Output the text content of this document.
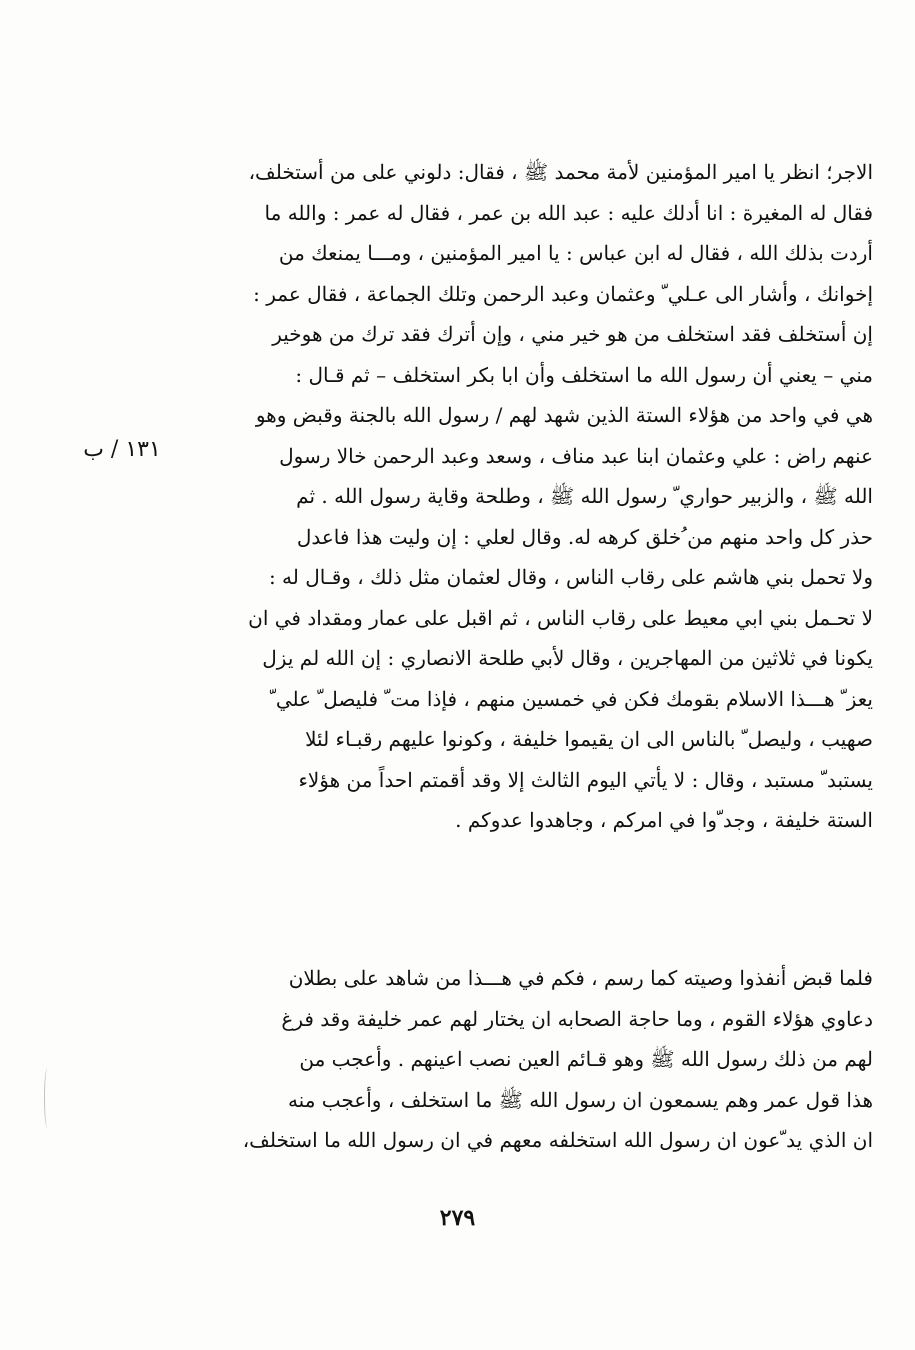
الاجر؛ انظر يا امير المؤمنين لأمة محمد ﷺ ، فقال: دلوني على من أستخلف،
فقال له المغيرة : انا أدلك عليه : عبد الله بن عمر ، فقال له عمر : والله ما
أردت بذلك الله ، فقال له ابن عباس : يا امير المؤمنين ، ومـــا يمنعك من
إخوانك ، وأشار الى عـلي ّ وعثمان وعبد الرحمن وتلك الجماعة ، فقال عمر :
إن أستخلف فقد استخلف من هو خير مني ، وإن أترك فقد ترك من هوخير
مني – يعني أن رسول الله ما استخلف وأن ابا بكر استخلف – ثم قـال :
هي في واحد من هؤلاء الستة الذين شهد لهم / رسول الله بالجنة وقبض وهو
عنهم راض : علي وعثمان ابنا عبد مناف ، وسعد وعبد الرحمن خالا رسول
الله ﷺ ، والزبير حواري ّ رسول الله ﷺ ، وطلحة وقاية رسول الله . ثم
حذر كل واحد منهم من ُخلق كرهه له. وقال لعلي : إن وليت هذا فاعدل
ولا تحمل بني هاشم على رقاب الناس ، وقال لعثمان مثل ذلك ، وقـال له :
لا تحـمل بني ابي معيط على رقاب الناس ، ثم اقبل على عمار ومقداد في ان
يكونا في ثلاثين من المهاجرين ، وقال لأبي طلحة الانصاري : إن الله لم يزل
يعز ّ هـــذا الاسلام بقومك فكن في خمسين منهم ، فإذا مت ّ فليصل ّ علي ّ
صهيب ، وليصل ّ بالناس الى ان يقيموا خليفة ، وكونوا عليهم رقبـاء لئلا
يستبد ّ مستبد ، وقال : لا يأتي اليوم الثالث إلا وقد أقمتم احداً من هؤلاء
الستة خليفة ، وجد ّوا في امركم ، وجاهدوا عدوكم .
١٣١ / ب
فلما قبض أنفذوا وصيته كما رسم ، فكم في هـــذا من شاهد على بطلان
دعاوي هؤلاء القوم ، وما حاجة الصحابه ان يختار لهم عمر خليفة وقد فرغ
لهم من ذلك رسول الله ﷺ وهو قـائم العين نصب اعينهم . وأعجب من
هذا قول عمر وهم يسمعون ان رسول الله ﷺ ما استخلف ، وأعجب منه
ان الذي يد ّعون ان رسول الله استخلفه معهم في ان رسول الله ما استخلف،
٢٧٩
